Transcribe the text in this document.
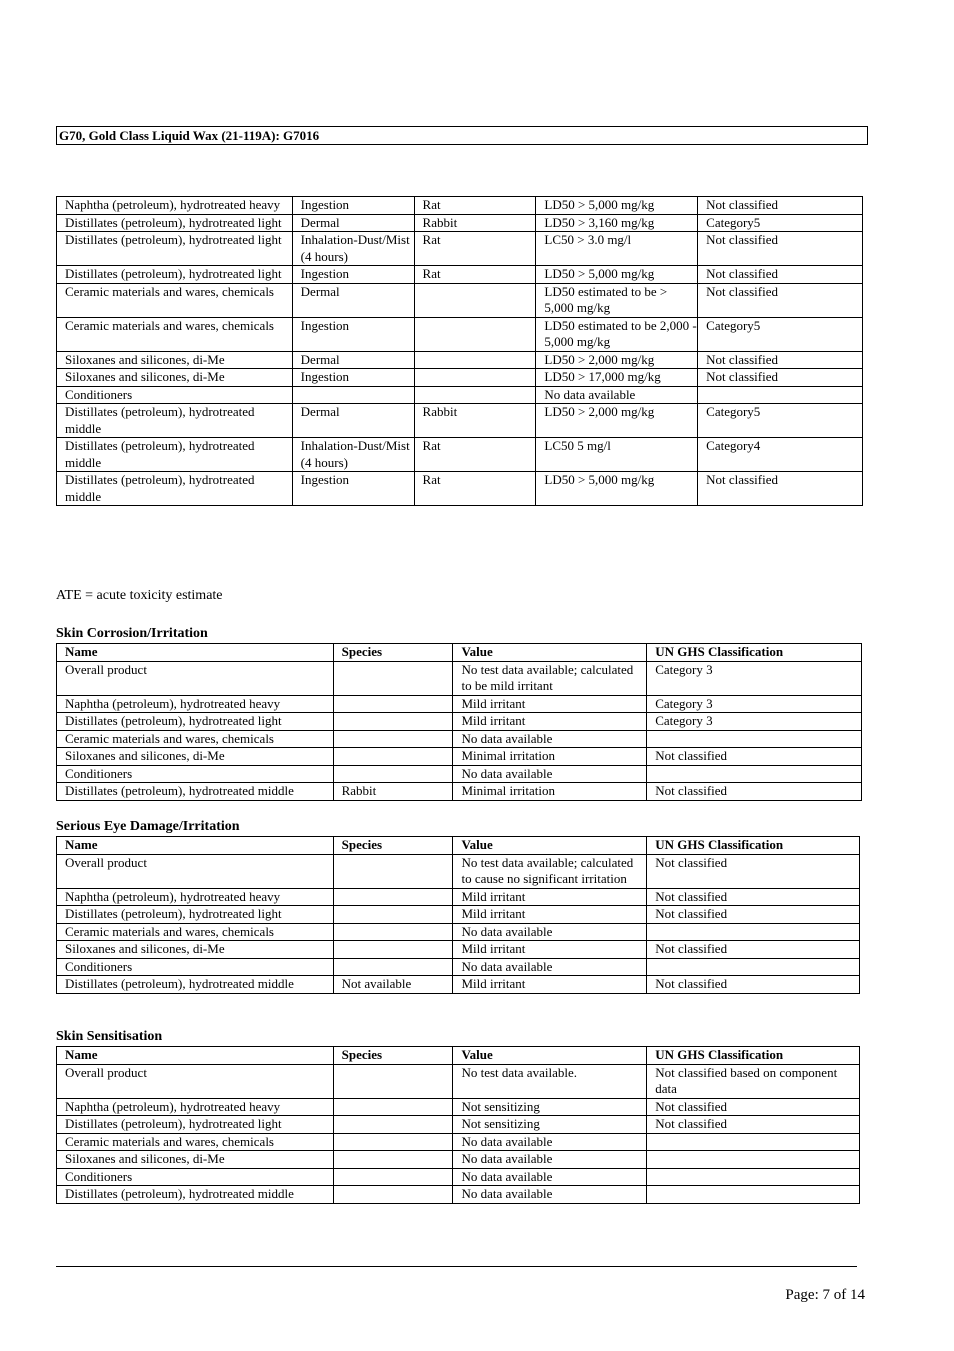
G70, Gold Class Liquid Wax (21-119A): G7016
Naphtha (petroleum), hydrotreated heavy	Ingestion	Rat	LD50 > 5,000 mg/kg	Not classified
Distillates (petroleum), hydrotreated light	Dermal	Rabbit	LD50 > 3,160 mg/kg	Category5
Distillates (petroleum), hydrotreated light	Inhalation-Dust/Mist (4 hours)	Rat	LC50 > 3.0 mg/l	Not classified
Distillates (petroleum), hydrotreated light	Ingestion	Rat	LD50 > 5,000 mg/kg	Not classified
Ceramic materials and wares, chemicals	Dermal		LD50 estimated to be > 5,000 mg/kg	Not classified
Ceramic materials and wares, chemicals	Ingestion		LD50 estimated to be 2,000 - 5,000 mg/kg	Category5
Siloxanes and silicones, di-Me	Dermal		LD50 > 2,000 mg/kg	Not classified
Siloxanes and silicones, di-Me	Ingestion		LD50 > 17,000 mg/kg	Not classified
Conditioners			No data available	
Distillates (petroleum), hydrotreated middle	Dermal	Rabbit	LD50 > 2,000 mg/kg	Category5
Distillates (petroleum), hydrotreated middle	Inhalation-Dust/Mist (4 hours)	Rat	LC50 5 mg/l	Category4
Distillates (petroleum), hydrotreated middle	Ingestion	Rat	LD50 > 5,000 mg/kg	Not classified
ATE = acute toxicity estimate
Skin Corrosion/Irritation
Name	Species	Value	UN GHS Classification
Overall product		No test data available; calculated to be mild irritant	Category 3
Naphtha (petroleum), hydrotreated heavy		Mild irritant	Category 3
Distillates (petroleum), hydrotreated light		Mild irritant	Category 3
Ceramic materials and wares, chemicals		No data available	
Siloxanes and silicones, di-Me		Minimal irritation	Not classified
Conditioners		No data available	
Distillates (petroleum), hydrotreated middle	Rabbit	Minimal irritation	Not classified
Serious Eye Damage/Irritation
Name	Species	Value	UN GHS Classification
Overall product		No test data available; calculated to cause no significant irritation	Not classified
Naphtha (petroleum), hydrotreated heavy		Mild irritant	Not classified
Distillates (petroleum), hydrotreated light		Mild irritant	Not classified
Ceramic materials and wares, chemicals		No data available	
Siloxanes and silicones, di-Me		Mild irritant	Not classified
Conditioners		No data available	
Distillates (petroleum), hydrotreated middle	Not available	Mild irritant	Not classified
Skin Sensitisation
Name	Species	Value	UN GHS Classification
Overall product		No test data available.	Not classified based on component data
Naphtha (petroleum), hydrotreated heavy		Not sensitizing	Not classified
Distillates (petroleum), hydrotreated light		Not sensitizing	Not classified
Ceramic materials and wares, chemicals		No data available	
Siloxanes and silicones, di-Me		No data available	
Conditioners		No data available	
Distillates (petroleum), hydrotreated middle		No data available	
Page: 7 of 14
